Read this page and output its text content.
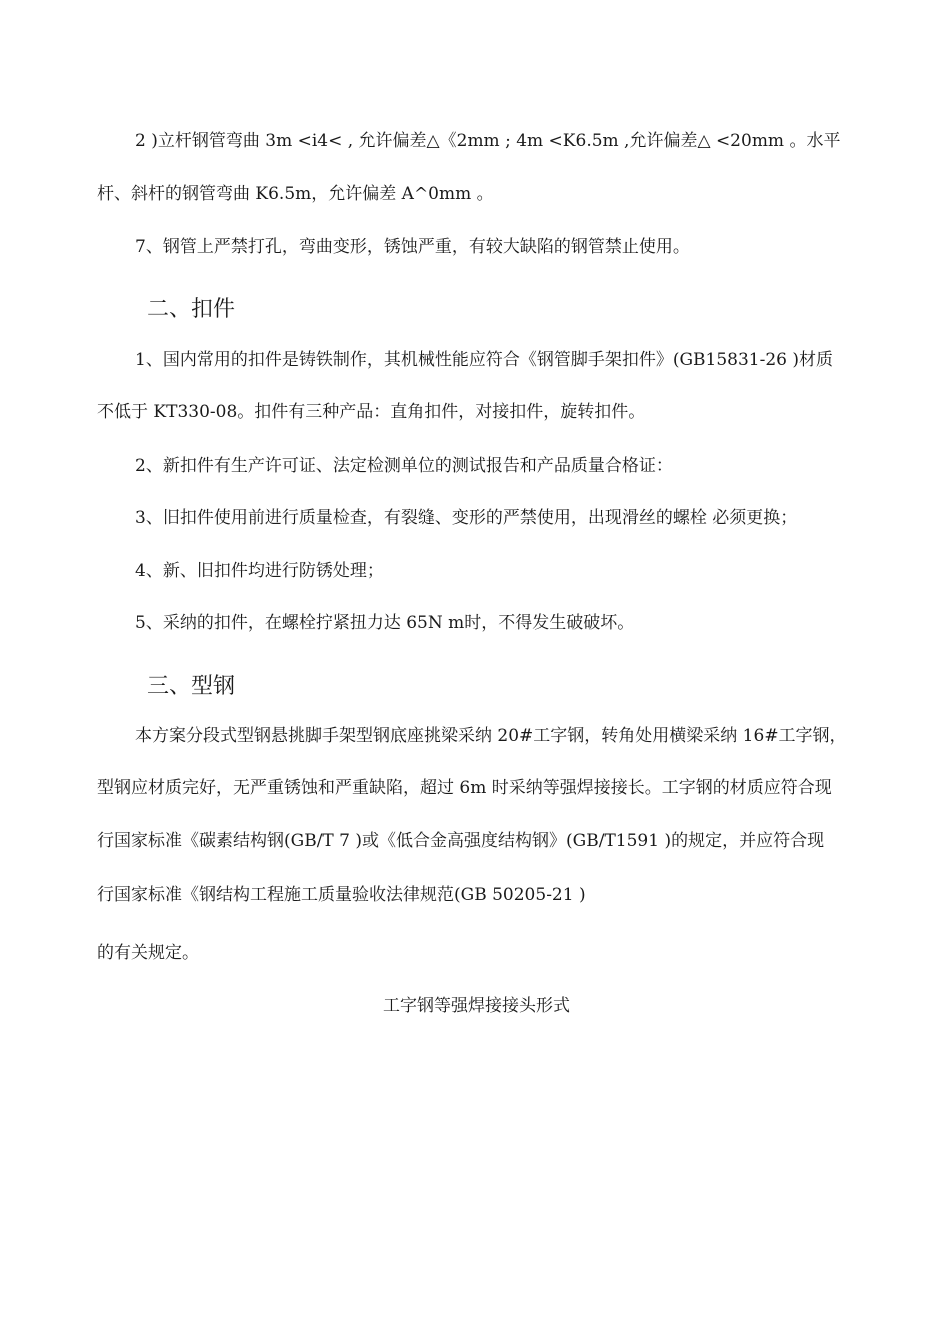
2 )立杆钢管弯曲 3m <i4< , 允许偏差△《2mm ; 4m <K6.5m ,允许偏差△ <20mm 。水平
杆、斜杆的钢管弯曲 K6.5m，允许偏差 A^0mm 。
7、钢管上严禁打孔，弯曲变形，锈蚀严重，有较大缺陷的钢管禁止使用。
二、扣件
1、国内常用的扣件是铸铁制作，其机械性能应符合《钢管脚手架扣件》(GB15831-26 )材质
不低于 KT330-08。扣件有三种产品：直角扣件，对接扣件，旋转扣件。
2、新扣件有生产许可证、法定检测单位的测试报告和产品质量合格证：
3、旧扣件使用前进行质量检查，有裂缝、变形的严禁使用，出现滑丝的螺栓 必须更换；
4、新、旧扣件均进行防锈处理；
5、采纳的扣件，在螺栓拧紧扭力达 65N m时，不得发生破破坏。
三、型钢
本方案分段式型钢悬挑脚手架型钢底座挑梁采纳 20#工字钢，转角处用横梁采纳 16#工字钢，
型钢应材质完好，无严重锈蚀和严重缺陷，超过 6m 时采纳等强焊接接长。工字钢的材质应符合现
行国家标准《碳素结构钢(GB/T 7 )或《低合金高强度结构钢》(GB/T1591 )的规定，并应符合现
行国家标准《钢结构工程施工质量验收法律规范(GB 50205-21 )
的有关规定。
工字钢等强焊接接头形式
